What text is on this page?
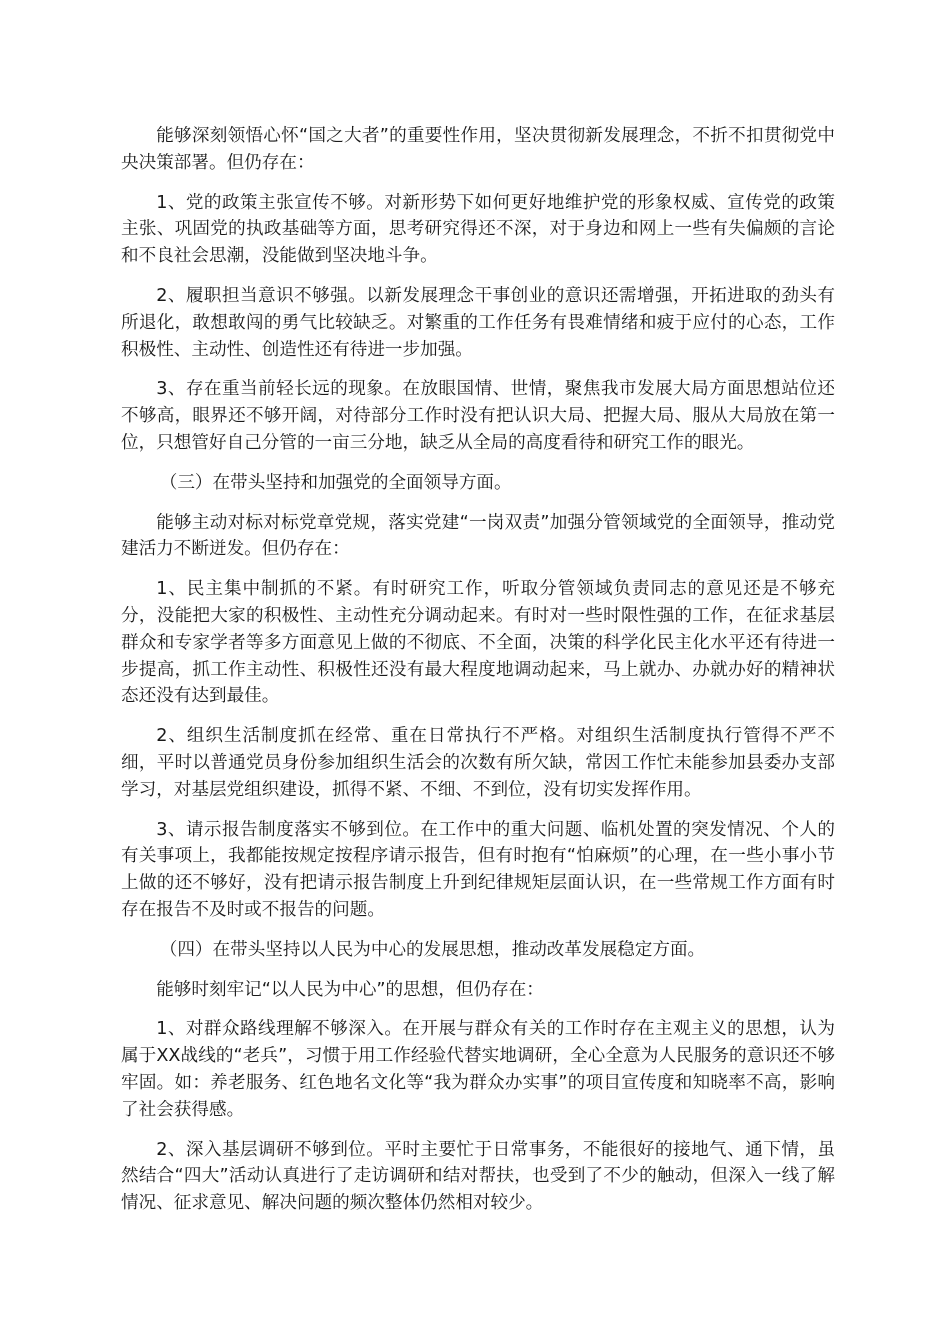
能够深刻领悟心怀“国之大者”的重要性作用，坚决贯彻新发展理念，不折不扣贯彻党中央决策部署。但仍存在：

1、党的政策主张宣传不够。对新形势下如何更好地维护党的形象权威、宣传党的政策主张、巩固党的执政基础等方面，思考研究得还不深，对于身边和网上一些有失偏颇的言论和不良社会思潮，没能做到坚决地斗争。

2、履职担当意识不够强。以新发展理念干事创业的意识还需增强，开拓进取的劲头有所退化，敢想敢闯的勇气比较缺乏。对繁重的工作任务有畏难情绪和疲于应付的心态，工作积极性、主动性、创造性还有待进一步加强。

3、存在重当前轻长远的现象。在放眼国情、世情，聚焦我市发展大局方面思想站位还不够高，眼界还不够开阔，对待部分工作时没有把认识大局、把握大局、服从大局放在第一位，只想管好自己分管的一亩三分地，缺乏从全局的高度看待和研究工作的眼光。

（三）在带头坚持和加强党的全面领导方面。

能够主动对标对标党章党规，落实党建“一岗双责”加强分管领域党的全面领导，推动党建活力不断迸发。但仍存在：

1、民主集中制抓的不紧。有时研究工作，听取分管领域负责同志的意见还是不够充分，没能把大家的积极性、主动性充分调动起来。有时对一些时限性强的工作，在征求基层群众和专家学者等多方面意见上做的不彻底、不全面，决策的科学化民主化水平还有待进一步提高，抓工作主动性、积极性还没有最大程度地调动起来，马上就办、办就办好的精神状态还没有达到最佳。

2、组织生活制度抓在经常、重在日常执行不严格。对组织生活制度执行管得不严不细，平时以普通党员身份参加组织生活会的次数有所欠缺，常因工作忙未能参加县委办支部学习，对基层党组织建设，抓得不紧、不细、不到位，没有切实发挥作用。

3、请示报告制度落实不够到位。在工作中的重大问题、临机处置的突发情况、个人的有关事项上，我都能按规定按程序请示报告，但有时抱有“怕麻烦”的心理，在一些小事小节上做的还不够好，没有把请示报告制度上升到纪律规矩层面认识，在一些常规工作方面有时存在报告不及时或不报告的问题。

（四）在带头坚持以人民为中心的发展思想，推动改革发展稳定方面。

能够时刻牢记“以人民为中心”的思想，但仍存在：

1、对群众路线理解不够深入。在开展与群众有关的工作时存在主观主义的思想，认为属于XX战线的“老兵”，习惯于用工作经验代替实地调研，全心全意为人民服务的意识还不够牢固。如：养老服务、红色地名文化等“我为群众办实事”的项目宣传度和知晓率不高，影响了社会获得感。

2、深入基层调研不够到位。平时主要忙于日常事务，不能很好的接地气、通下情，虽然结合“四大”活动认真进行了走访调研和结对帮扶，也受到了不少的触动，但深入一线了解情况、征求意见、解决问题的频次整体仍然相对较少。
